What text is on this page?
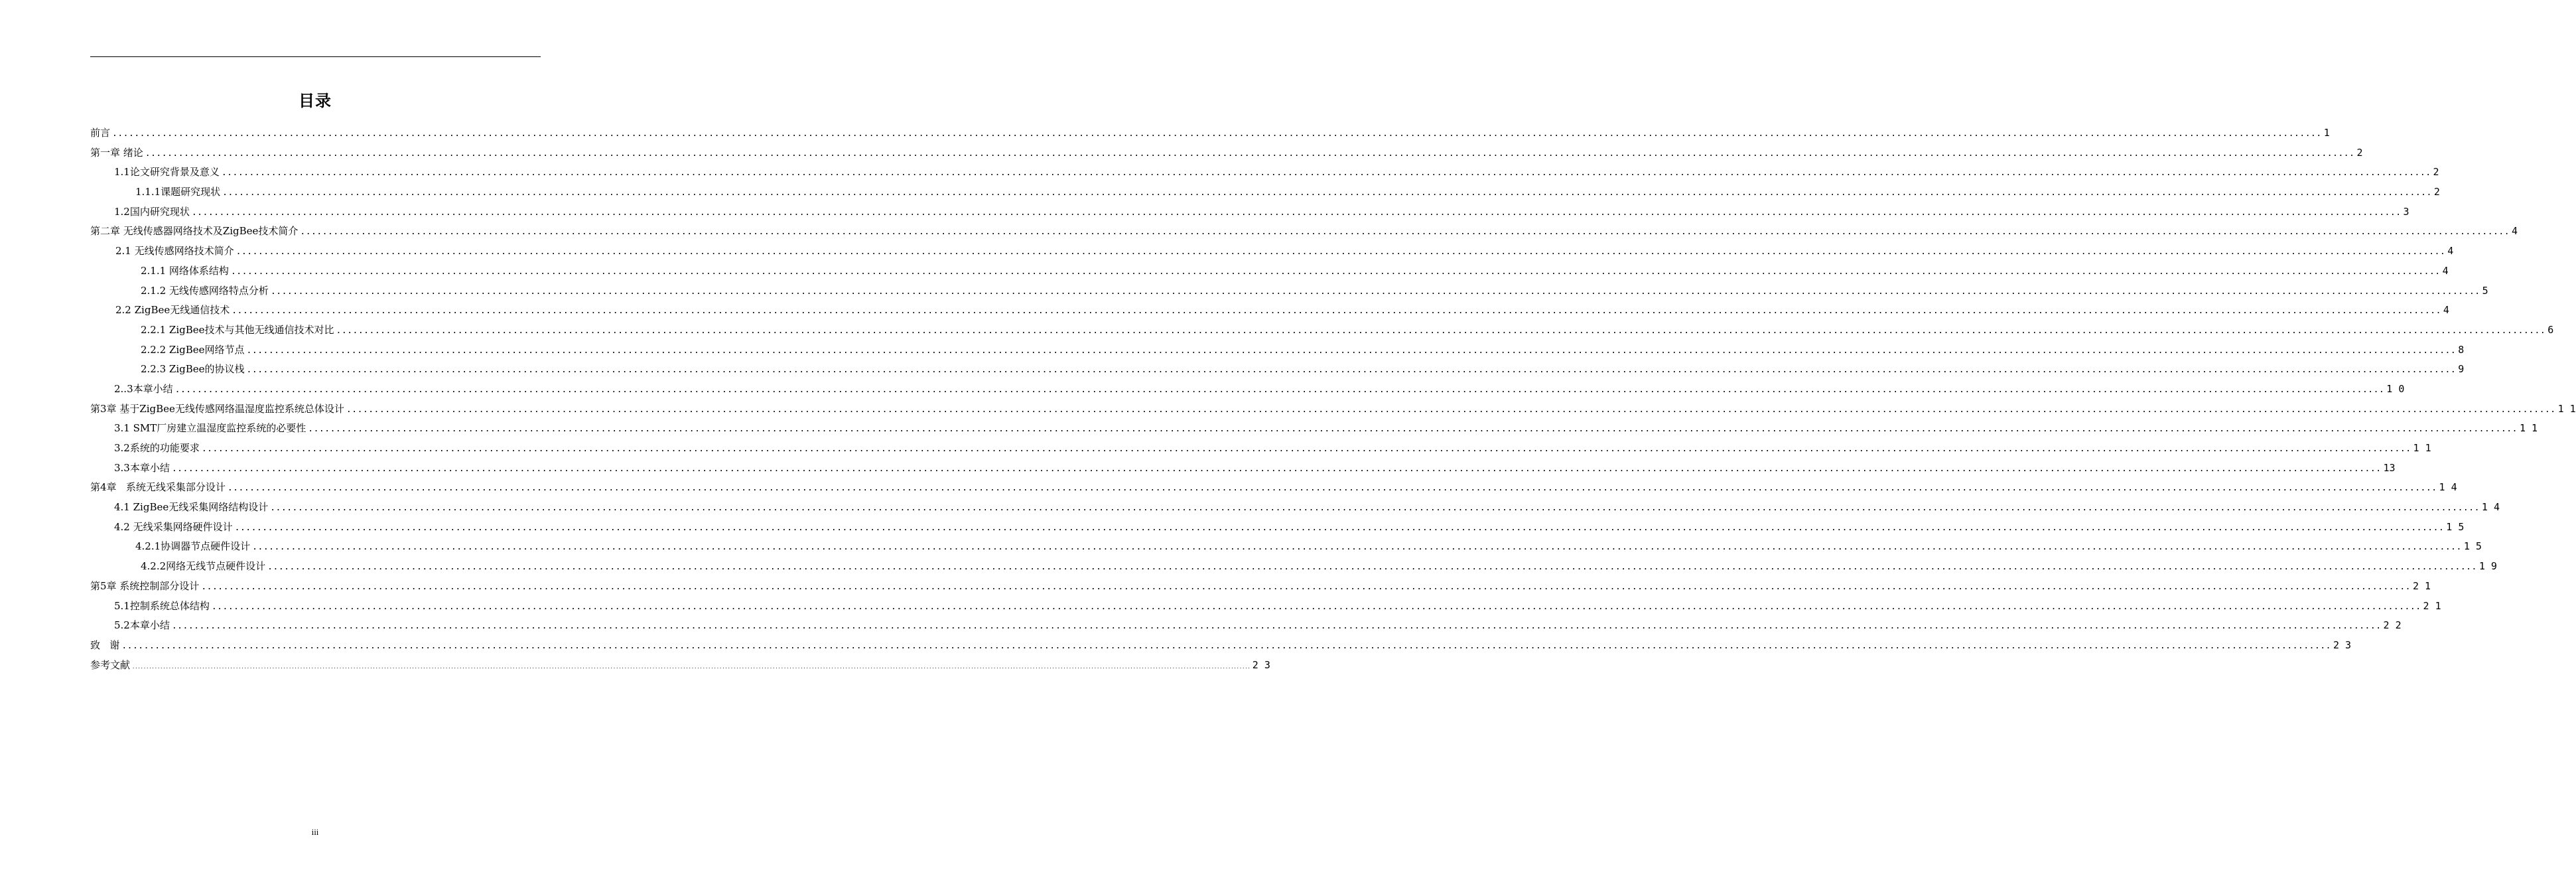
目录
前言 ................................................................................................................................................................................................................................................................................................................................................................................................................ 1
第一章 绪论 ................................................................................................................................................................................................................................................................................................................................................................................................................ 2
1.1论文研究背景及意义 ................................................................................................................................................................................................................................................................................................................................................................................................................ 2
1.1.1课题研究现状 ................................................................................................................................................................................................................................................................................................................................................................................................................ 2
1.2国内研究现状 ................................................................................................................................................................................................................................................................................................................................................................................................................ 3
第二章 无线传感器网络技术及ZigBee技术简介 ................................................................................................................................................................................................................................................................................................................................................................................................................ 4
2.1 无线传感网络技术简介 ................................................................................................................................................................................................................................................................................................................................................................................................................ 4
2.1.1 网络体系结构 ................................................................................................................................................................................................................................................................................................................................................................................................................ 4
2.1.2 无线传感网络特点分析 ................................................................................................................................................................................................................................................................................................................................................................................................................ 5
2.2 ZigBee无线通信技术 ................................................................................................................................................................................................................................................................................................................................................................................................................ 4
2.2.1 ZigBee技术与其他无线通信技术对比 ................................................................................................................................................................................................................................................................................................................................................................................................................ 6
2.2.2 ZigBee网络节点 ................................................................................................................................................................................................................................................................................................................................................................................................................ 8
2.2.3 ZigBee的协议栈 ................................................................................................................................................................................................................................................................................................................................................................................................................ 9
2..3本章小结 ................................................................................................................................................................................................................................................................................................................................................................................................................ 1 0
第3章 基于ZigBee无线传感网络温湿度监控系统总体设计 ................................................................................................................................................................................................................................................................................................................................................................................................................ 1 1
3.1 SMT厂房建立温湿度监控系统的必要性 ................................................................................................................................................................................................................................................................................................................................................................................................................ 1 1
3.2系统的功能要求 ................................................................................................................................................................................................................................................................................................................................................................................................................ 1 1
3.3本章小结 ................................................................................................................................................................................................................................................................................................................................................................................................................ 13
第4章   系统无线采集部分设计 ................................................................................................................................................................................................................................................................................................................................................................................................................ 1 4
4.1 ZigBee无线采集网络结构设计 ................................................................................................................................................................................................................................................................................................................................................................................................................ 1 4
4.2 无线采集网络硬件设计 ................................................................................................................................................................................................................................................................................................................................................................................................................ 1 5
4.2.1协调器节点硬件设计 ................................................................................................................................................................................................................................................................................................................................................................................................................ 1 5
4.2.2网络无线节点硬件设计 ................................................................................................................................................................................................................................................................................................................................................................................................................ 1 9
第5章 系统控制部分设计 ................................................................................................................................................................................................................................................................................................................................................................................................................ 2 1
5.1控制系统总体结构 ................................................................................................................................................................................................................................................................................................................................................................................................................ 2 1
5.2本章小结 ................................................................................................................................................................................................................................................................................................................................................................................................................ 2 2
致   谢 ................................................................................................................................................................................................................................................................................................................................................................................................................ 2 3
参考文献 ................................................................................................................................................................................................................................................................................................................................................................................................................ 2 3
iii
